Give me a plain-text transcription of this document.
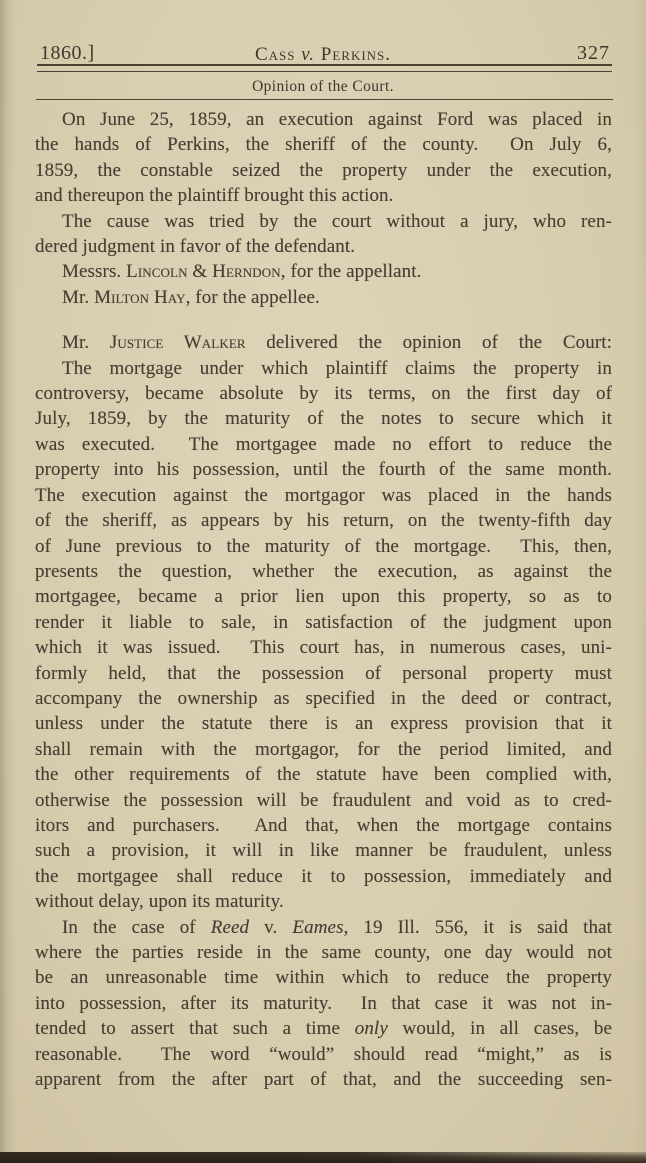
1860.]	Cass v. Perkins.	327
Opinion of the Court.
On June 25, 1859, an execution against Ford was placed in
the hands of Perkins, the sheriff of the county.  On July 6,
1859, the constable seized the property under the execution,
and thereupon the plaintiff brought this action.
The cause was tried by the court without a jury, who ren-
dered judgment in favor of the defendant.
Messrs. Lincoln & Herndon, for the appellant.
Mr. Milton Hay, for the appellee.
Mr. Justice Walker delivered the opinion of the Court:
The mortgage under which plaintiff claims the property in
controversy, became absolute by its terms, on the first day of
July, 1859, by the maturity of the notes to secure which it
was executed.  The mortgagee made no effort to reduce the
property into his possession, until the fourth of the same month.
The execution against the mortgagor was placed in the hands
of the sheriff, as appears by his return, on the twenty-fifth day
of June previous to the maturity of the mortgage.  This, then,
presents the question, whether the execution, as against the
mortgagee, became a prior lien upon this property, so as to
render it liable to sale, in satisfaction of the judgment upon
which it was issued.  This court has, in numerous cases, uni-
formly held, that the possession of personal property must
accompany the ownership as specified in the deed or contract,
unless under the statute there is an express provision that it
shall remain with the mortgagor, for the period limited, and
the other requirements of the statute have been complied with,
otherwise the possession will be fraudulent and void as to cred-
itors and purchasers.  And that, when the mortgage contains
such a provision, it will in like manner be fraudulent, unless
the mortgagee shall reduce it to possession, immediately and
without delay, upon its maturity.
In the case of Reed v. Eames, 19 Ill. 556, it is said that
where the parties reside in the same county, one day would not
be an unreasonable time within which to reduce the property
into possession, after its maturity.  In that case it was not in-
tended to assert that such a time only would, in all cases, be
reasonable.  The word “would” should read “might,” as is
apparent from the after part of that, and the succeeding sen-
